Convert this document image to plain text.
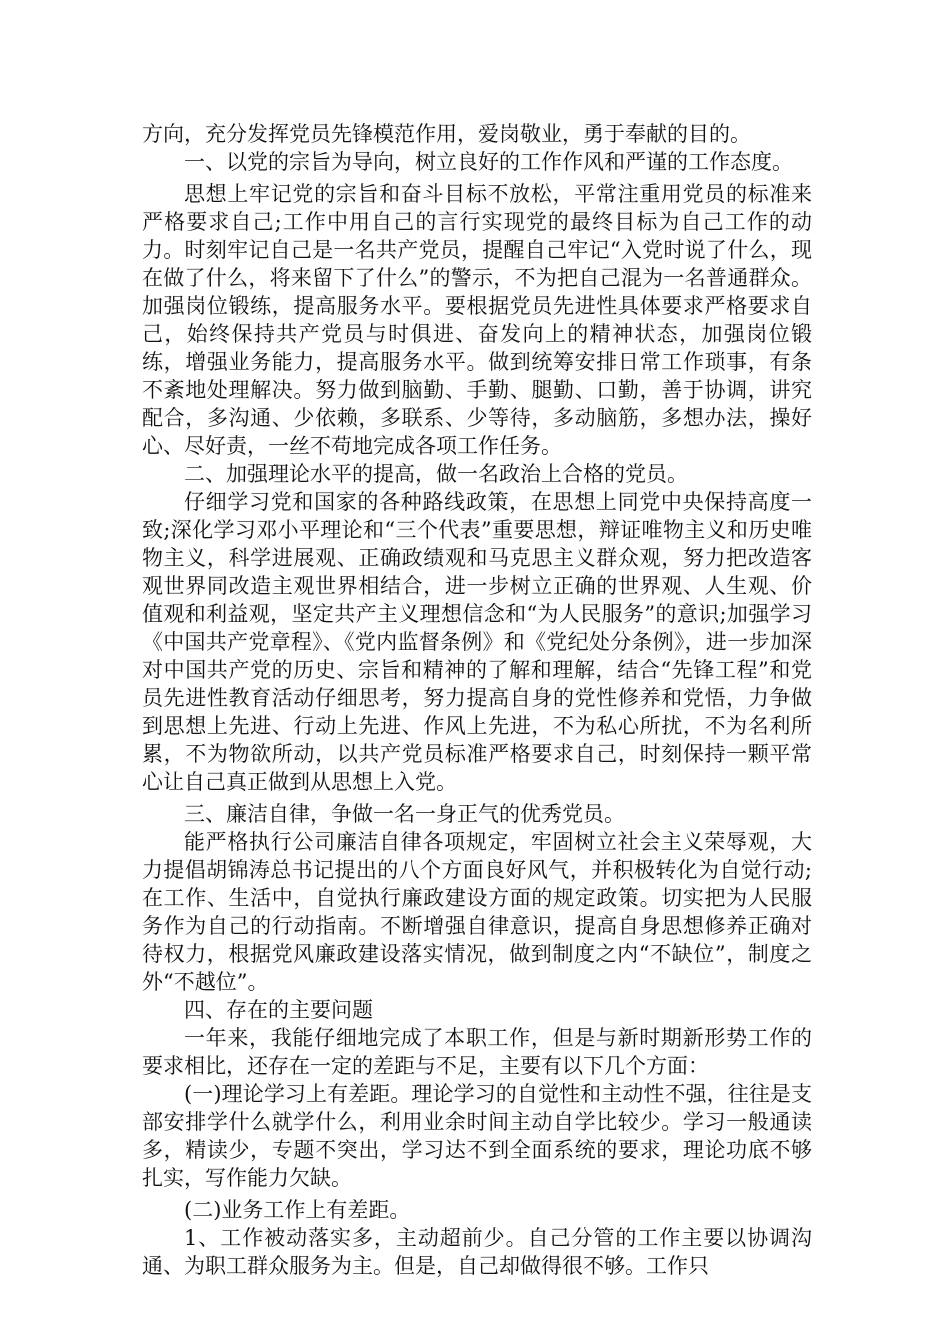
方向，充分发挥党员先锋模范作用，爱岗敬业，勇于奉献的目的。

一、以党的宗旨为导向，树立良好的工作作风和严谨的工作态度。

思想上牢记党的宗旨和奋斗目标不放松，平常注重用党员的标准来严格要求自己;工作中用自己的言行实现党的最终目标为自己工作的动力。时刻牢记自己是一名共产党员，提醒自己牢记“入党时说了什么，现在做了什么，将来留下了什么”的警示，不为把自己混为一名普通群众。加强岗位锻练，提高服务水平。要根据党员先进性具体要求严格要求自己，始终保持共产党员与时俱进、奋发向上的精神状态，加强岗位锻练，增强业务能力，提高服务水平。做到统筹安排日常工作琐事，有条不紊地处理解决。努力做到脑勤、手勤、腿勤、口勤，善于协调，讲究配合，多沟通、少依赖，多联系、少等待，多动脑筋，多想办法，操好心、尽好责，一丝不苟地完成各项工作任务。

二、加强理论水平的提高，做一名政治上合格的党员。

仔细学习党和国家的各种路线政策，在思想上同党中央保持高度一致;深化学习邓小平理论和“三个代表”重要思想，辩证唯物主义和历史唯物主义，科学进展观、正确政绩观和马克思主义群众观，努力把改造客观世界同改造主观世界相结合，进一步树立正确的世界观、人生观、价值观和利益观，坚定共产主义理想信念和“为人民服务”的意识;加强学习《中国共产党章程》、《党内监督条例》和《党纪处分条例》，进一步加深对中国共产党的历史、宗旨和精神的了解和理解，结合“先锋工程”和党员先进性教育活动仔细思考，努力提高自身的党性修养和党悟，力争做到思想上先进、行动上先进、作风上先进，不为私心所扰，不为名利所累，不为物欲所动，以共产党员标准严格要求自己，时刻保持一颗平常心让自己真正做到从思想上入党。

三、廉洁自律，争做一名一身正气的优秀党员。

能严格执行公司廉洁自律各项规定，牢固树立社会主义荣辱观，大力提倡胡锦涛总书记提出的八个方面良好风气，并积极转化为自觉行动;在工作、生活中，自觉执行廉政建设方面的规定政策。切实把为人民服务作为自己的行动指南。不断增强自律意识，提高自身思想修养正确对待权力，根据党风廉政建设落实情况，做到制度之内“不缺位”，制度之外“不越位”。

四、存在的主要问题

一年来，我能仔细地完成了本职工作，但是与新时期新形势工作的要求相比，还存在一定的差距与不足，主要有以下几个方面：

(一)理论学习上有差距。理论学习的自觉性和主动性不强，往往是支部安排学什么就学什么，利用业余时间主动自学比较少。学习一般通读多，精读少，专题不突出，学习达不到全面系统的要求，理论功底不够扎实，写作能力欠缺。

(二)业务工作上有差距。

1、工作被动落实多，主动超前少。自己分管的工作主要以协调沟通、为职工群众服务为主。但是，自己却做得很不够。工作只
